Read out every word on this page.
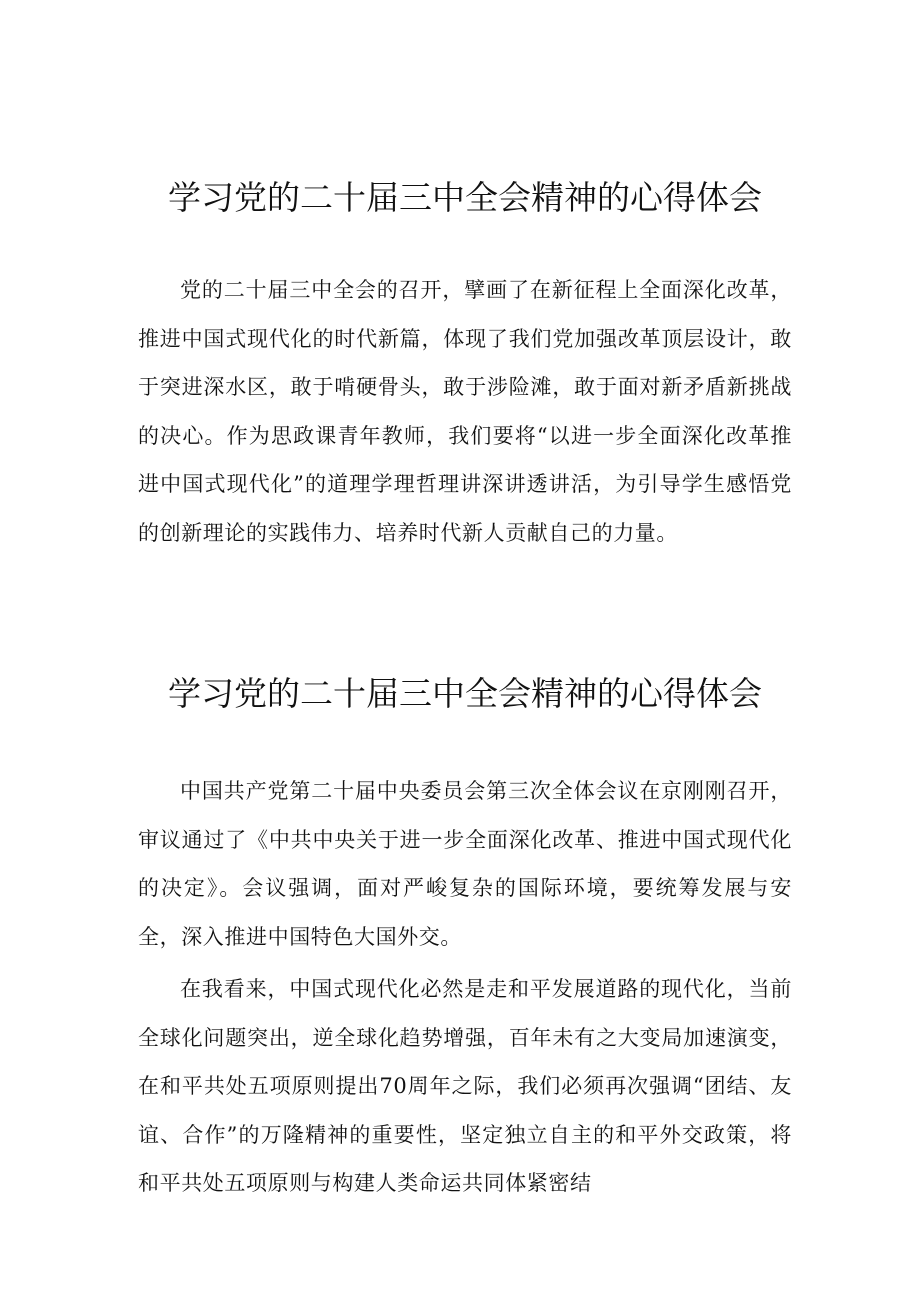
学习党的二十届三中全会精神的心得体会

党的二十届三中全会的召开，擘画了在新征程上全面深化改革，推进中国式现代化的时代新篇，体现了我们党加强改革顶层设计，敢于突进深水区，敢于啃硬骨头，敢于涉险滩，敢于面对新矛盾新挑战的决心。作为思政课青年教师，我们要将“以进一步全面深化改革推进中国式现代化”的道理学理哲理讲深讲透讲活，为引导学生感悟党的创新理论的实践伟力、培养时代新人贡献自己的力量。

学习党的二十届三中全会精神的心得体会

中国共产党第二十届中央委员会第三次全体会议在京刚刚召开，审议通过了《中共中央关于进一步全面深化改革、推进中国式现代化的决定》。会议强调，面对严峻复杂的国际环境，要统筹发展与安全，深入推进中国特色大国外交。

在我看来，中国式现代化必然是走和平发展道路的现代化，当前全球化问题突出，逆全球化趋势增强，百年未有之大变局加速演变，在和平共处五项原则提出70周年之际，我们必须再次强调“团结、友谊、合作”的万隆精神的重要性，坚定独立自主的和平外交政策，将和平共处五项原则与构建人类命运共同体紧密结
